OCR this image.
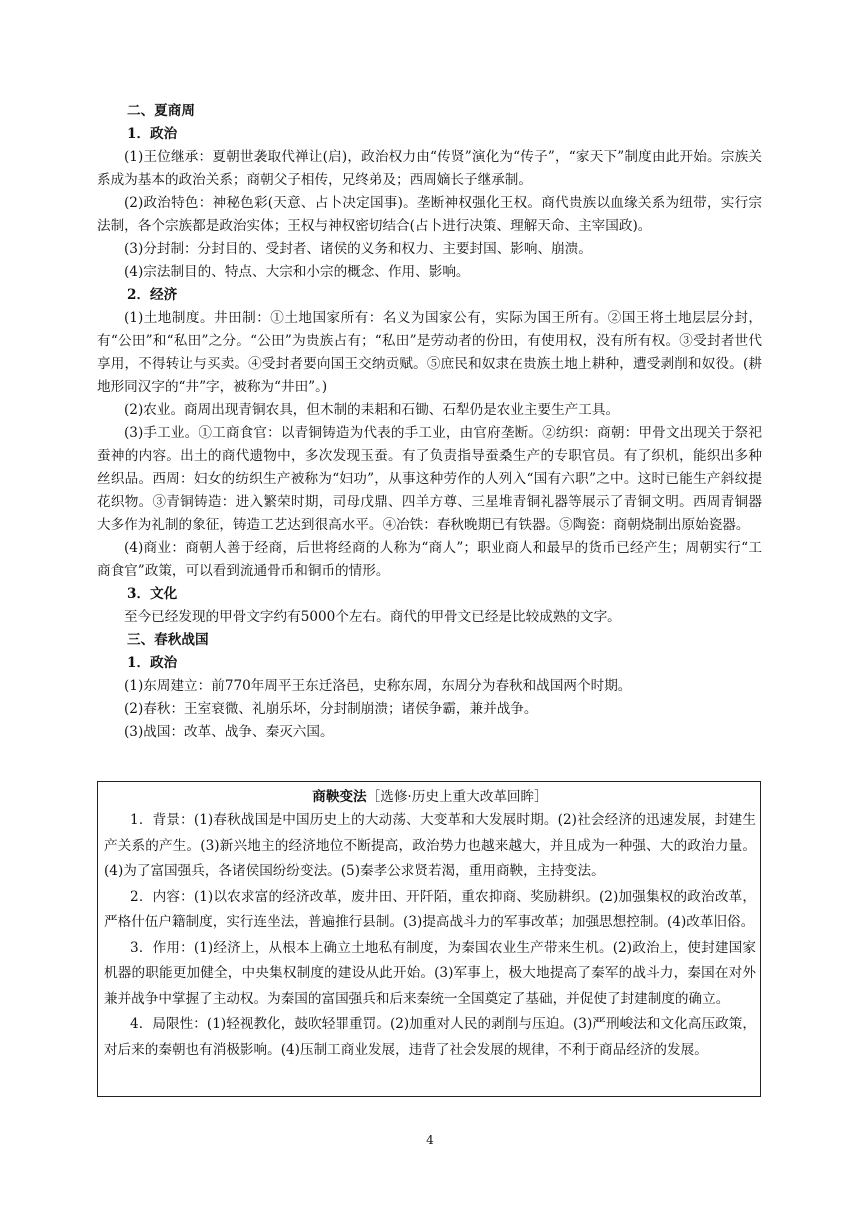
二、夏商周

1．政治

(1)王位继承：夏朝世袭取代禅让(启)，政治权力由“传贤”演化为“传子”，“家天下”制度由此开始。宗族关系成为基本的政治关系；商朝父子相传，兄终弟及；西周嫡长子继承制。

(2)政治特色：神秘色彩(天意、占卜决定国事)。垄断神权强化王权。商代贵族以血缘关系为纽带，实行宗法制，各个宗族都是政治实体；王权与神权密切结合(占卜进行决策、理解天命、主宰国政)。

(3)分封制：分封目的、受封者、诸侯的义务和权力、主要封国、影响、崩溃。

(4)宗法制目的、特点、大宗和小宗的概念、作用、影响。

2．经济

(1)土地制度。井田制：①土地国家所有：名义为国家公有，实际为国王所有。②国王将土地层层分封，有“公田”和“私田”之分。“公田”为贵族占有；“私田”是劳动者的份田，有使用权，没有所有权。③受封者世代享用，不得转让与买卖。④受封者要向国王交纳贡赋。⑤庶民和奴隶在贵族土地上耕种，遭受剥削和奴役。(耕地形同汉字的“井”字，被称为“井田”。)

(2)农业。商周出现青铜农具，但木制的耒耜和石锄、石犁仍是农业主要生产工具。

(3)手工业。①工商食官：以青铜铸造为代表的手工业，由官府垄断。②纺织：商朝：甲骨文出现关于祭祀蚕神的内容。出土的商代遗物中，多次发现玉蚕。有了负责指导蚕桑生产的专职官员。有了织机，能织出多种丝织品。西周：妇女的纺织生产被称为“妇功”，从事这种劳作的人列入“国有六职”之中。这时已能生产斜纹提花织物。③青铜铸造：进入繁荣时期，司母戊鼎、四羊方尊、三星堆青铜礼器等展示了青铜文明。西周青铜器大多作为礼制的象征，铸造工艺达到很高水平。④冶铁：春秋晚期已有铁器。⑤陶瓷：商朝烧制出原始瓷器。

(4)商业：商朝人善于经商，后世将经商的人称为“商人”；职业商人和最早的货币已经产生；周朝实行“工商食官”政策，可以看到流通骨币和铜币的情形。

3．文化

至今已经发现的甲骨文字约有5000个左右。商代的甲骨文已经是比较成熟的文字。

三、春秋战国

1．政治

(1)东周建立：前770年周平王东迁洛邑，史称东周，东周分为春秋和战国两个时期。

(2)春秋：王室衰微、礼崩乐坏，分封制崩溃；诸侯争霸，兼并战争。

(3)战国：改革、战争、秦灭六国。

商鞅变法［选修·历史上重大改革回眸］

1．背景：(1)春秋战国是中国历史上的大动荡、大变革和大发展时期。(2)社会经济的迅速发展，封建生产关系的产生。(3)新兴地主的经济地位不断提高，政治势力也越来越大，并且成为一种强、大的政治力量。(4)为了富国强兵，各诸侯国纷纷变法。(5)秦孝公求贤若渴，重用商鞅，主持变法。

2．内容：(1)以农求富的经济改革，废井田、开阡陌，重农抑商、奖励耕织。(2)加强集权的政治改革，严格什伍户籍制度，实行连坐法，普遍推行县制。(3)提高战斗力的军事改革；加强思想控制。(4)改革旧俗。

3．作用：(1)经济上，从根本上确立土地私有制度，为秦国农业生产带来生机。(2)政治上，使封建国家机器的职能更加健全，中央集权制度的建设从此开始。(3)军事上，极大地提高了秦军的战斗力，秦国在对外兼并战争中掌握了主动权。为秦国的富国强兵和后来秦统一全国奠定了基础，并促使了封建制度的确立。

4．局限性：(1)轻视教化，鼓吹轻罪重罚。(2)加重对人民的剥削与压迫。(3)严刑峻法和文化高压政策，对后来的秦朝也有消极影响。(4)压制工商业发展，违背了社会发展的规律，不利于商品经济的发展。

4
